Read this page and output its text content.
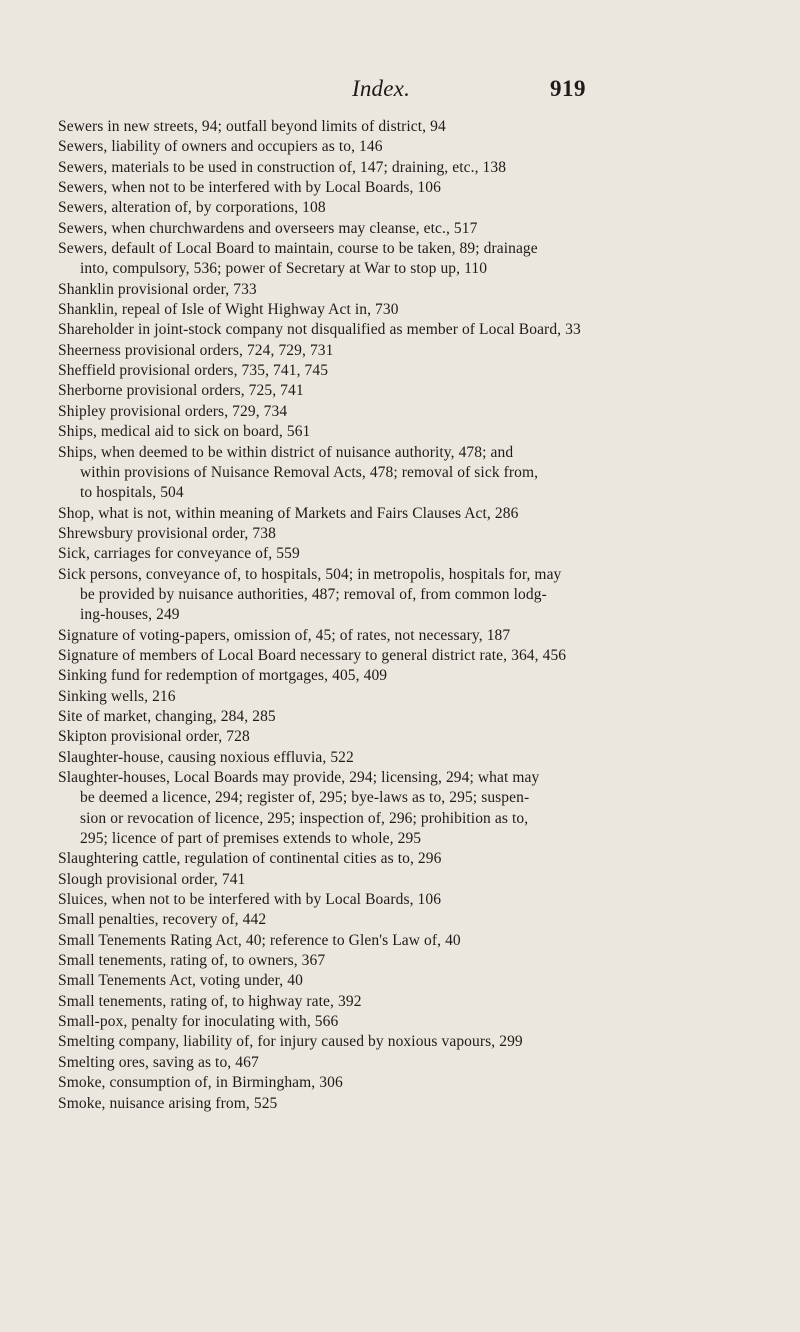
Index.	919
Sewers in new streets, 94; outfall beyond limits of district, 94
Sewers, liability of owners and occupiers as to, 146
Sewers, materials to be used in construction of, 147; draining, etc., 138
Sewers, when not to be interfered with by Local Boards, 106
Sewers, alteration of, by corporations, 108
Sewers, when churchwardens and overseers may cleanse, etc., 517
Sewers, default of Local Board to maintain, course to be taken, 89; drainage
into, compulsory, 536; power of Secretary at War to stop up, 110
Shanklin provisional order, 733
Shanklin, repeal of Isle of Wight Highway Act in, 730
Shareholder in joint-stock company not disqualified as member of Local Board, 33
Sheerness provisional orders, 724, 729, 731
Sheffield provisional orders, 735, 741, 745
Sherborne provisional orders, 725, 741
Shipley provisional orders, 729, 734
Ships, medical aid to sick on board, 561
Ships, when deemed to be within district of nuisance authority, 478; and
within provisions of Nuisance Removal Acts, 478; removal of sick from,
to hospitals, 504
Shop, what is not, within meaning of Markets and Fairs Clauses Act, 286
Shrewsbury provisional order, 738
Sick, carriages for conveyance of, 559
Sick persons, conveyance of, to hospitals, 504; in metropolis, hospitals for, may
be provided by nuisance authorities, 487; removal of, from common lodg-
ing-houses, 249
Signature of voting-papers, omission of, 45; of rates, not necessary, 187
Signature of members of Local Board necessary to general district rate, 364, 456
Sinking fund for redemption of mortgages, 405, 409
Sinking wells, 216
Site of market, changing, 284, 285
Skipton provisional order, 728
Slaughter-house, causing noxious effluvia, 522
Slaughter-houses, Local Boards may provide, 294; licensing, 294; what may
be deemed a licence, 294; register of, 295; bye-laws as to, 295; suspen-
sion or revocation of licence, 295; inspection of, 296; prohibition as to,
295; licence of part of premises extends to whole, 295
Slaughtering cattle, regulation of continental cities as to, 296
Slough provisional order, 741
Sluices, when not to be interfered with by Local Boards, 106
Small penalties, recovery of, 442
Small Tenements Rating Act, 40; reference to Glen's Law of, 40
Small tenements, rating of, to owners, 367
Small Tenements Act, voting under, 40
Small tenements, rating of, to highway rate, 392
Small-pox, penalty for inoculating with, 566
Smelting company, liability of, for injury caused by noxious vapours, 299
Smelting ores, saving as to, 467
Smoke, consumption of, in Birmingham, 306
Smoke, nuisance arising from, 525
